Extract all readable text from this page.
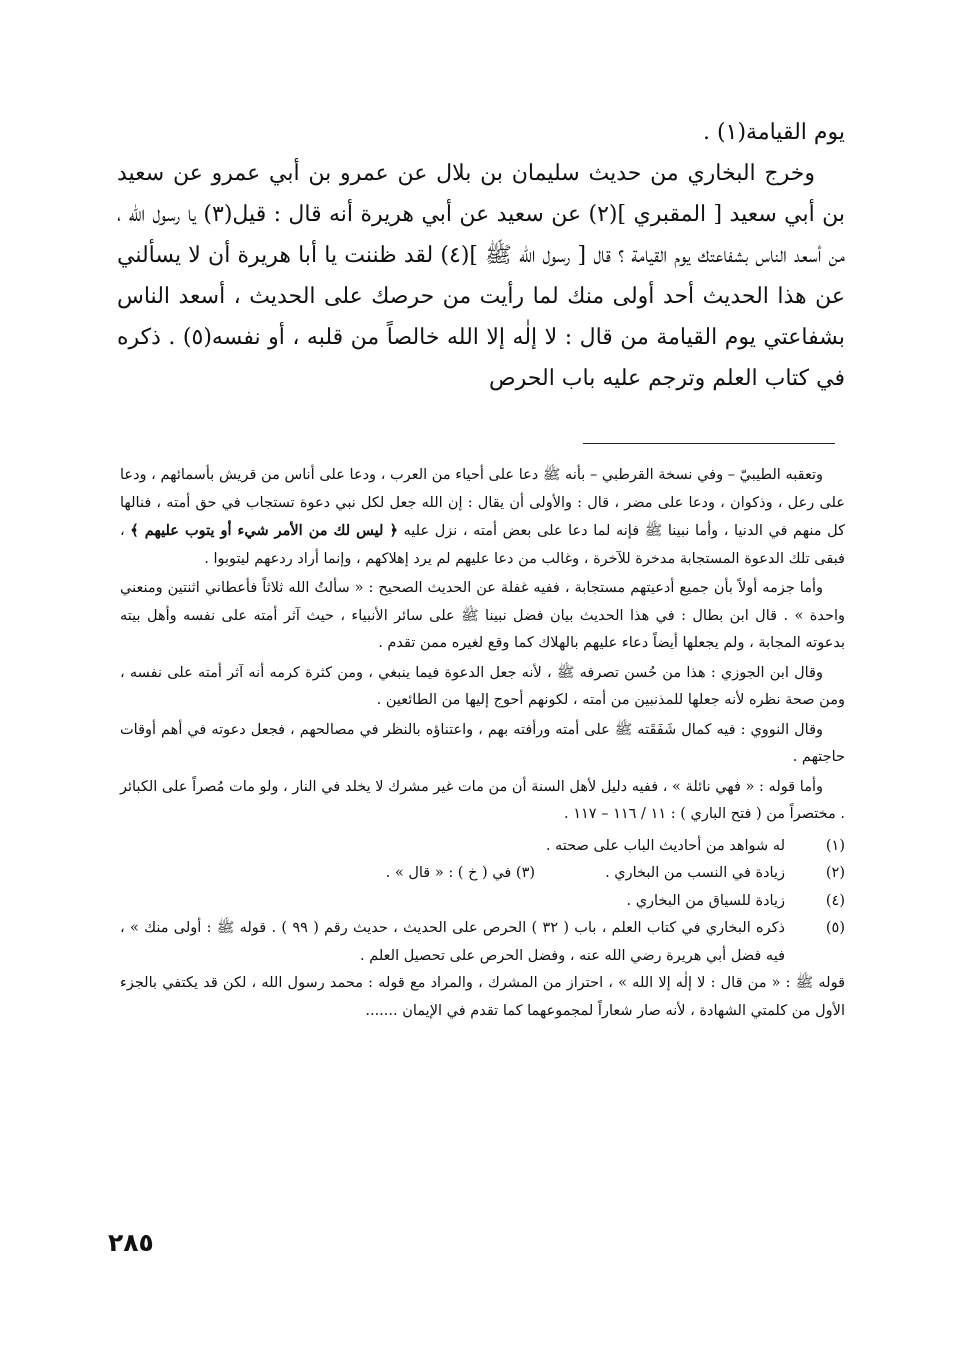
يوم القيامة(١) .

وخرج البخاري من حديث سليمان بن بلال عن عمرو بن أبي عمرو عن سعيد بن أبي سعيد [ المقبري ](٢) عن سعيد عن أبي هريرة أنه قال : قيل(٣) يا رسول الله ، من أسعد الناس بشفاعتك يوم القيامة ؟ قال [ رسول الله ﷺ ](٤) لقد ظننت يا أبا هريرة أن لا يسألني عن هذا الحديث أحد أولى منك لما رأيت من حرصك على الحديث ، أسعد الناس بشفاعتي يوم القيامة من قال : لا إلٰه إلا الله خالصاً من قلبه ، أو نفسه(٥) . ذكره في كتاب العلم وترجم عليه باب الحرص

وتعقبه الطيبيّ – وفي نسخة القرطبي – بأنه ﷺ دعا على أحياء من العرب ، ودعا على أناس من قريش بأسمائهم ، ودعا على رعل ، وذكوان ، ودعا على مضر ، قال : والأولى أن يقال : إن الله جعل لكل نبي دعوة تستجاب في حق أمته ، فنالها كل منهم في الدنيا ، وأما نبينا ﷺ فإنه لما دعا على بعض أمته ، نزل عليه ﴿ ليس لك من الأمر شيء أو يتوب عليهم ﴾ ، فبقى تلك الدعوة المستجابة مدخرة للآخرة ، وغالب من دعا عليهم لم يرد إهلاكهم ، وإنما أراد ردعهم ليتوبوا .

وأما جزمه أولاً بأن جميع أدعيتهم مستجابة ، ففيه غفلة عن الحديث الصحيح : « سألتُ الله ثلاثاً فأعطاني اثنتين ومنعني واحدة » . قال ابن بطال : في هذا الحديث بيان فضل نبينا ﷺ على سائر الأنبياء ، حيث آثر أمته على نفسه وأهل بيته بدعوته المجابة ، ولم يجعلها أيضاً دعاء عليهم بالهلاك كما وقع لغيره ممن تقدم .

وقال ابن الجوزي : هذا من حُسن تصرفه ﷺ ، لأنه جعل الدعوة فيما ينبغي ، ومن كثرة كرمه أنه آثر أمته على نفسه ، ومن صحة نظره لأنه جعلها للمذنبين من أمته ، لكونهم أحوج إليها من الطائعين .

وقال النووي : فيه كمال شَفَقَته ﷺ على أمته ورأفته بهم ، واعتناؤه بالنظر في مصالحهم ، فجعل دعوته في أهم أوقات حاجتهم .

وأما قوله : « فهي نائلة » ، ففيه دليل لأهل السنة أن من مات غير مشرك لا يخلد في النار ، ولو مات مُصراً على الكبائر . مختصراً من ( فتح الباري ) : ١١ / ١١٦ – ١١٧ .

(١)
له شواهد من أحاديث الباب على صحته .
(٢)
زيادة في النسب من البخاري .(٣) في ( خ ) : « قال » .
(٤)
زيادة للسياق من البخاري .
(٥)
ذكره البخاري في كتاب العلم ، باب ( ٣٢ ) الحرص على الحديث ، حديث رقم ( ٩٩ ) . قوله ﷺ : أولى منك » ، فيه فضل أبي هريرة رضي الله عنه ، وفضل الحرص على تحصيل العلم .

قوله ﷺ : « من قال : لا إلٰه إلا الله » ، احتراز من المشرك ، والمراد مع قوله : محمد رسول الله ، لكن قد يكتفي بالجزء الأول من كلمتي الشهادة ، لأنه صار شعاراً لمجموعهما كما تقدم في الإيمان .......

٢٨٥
